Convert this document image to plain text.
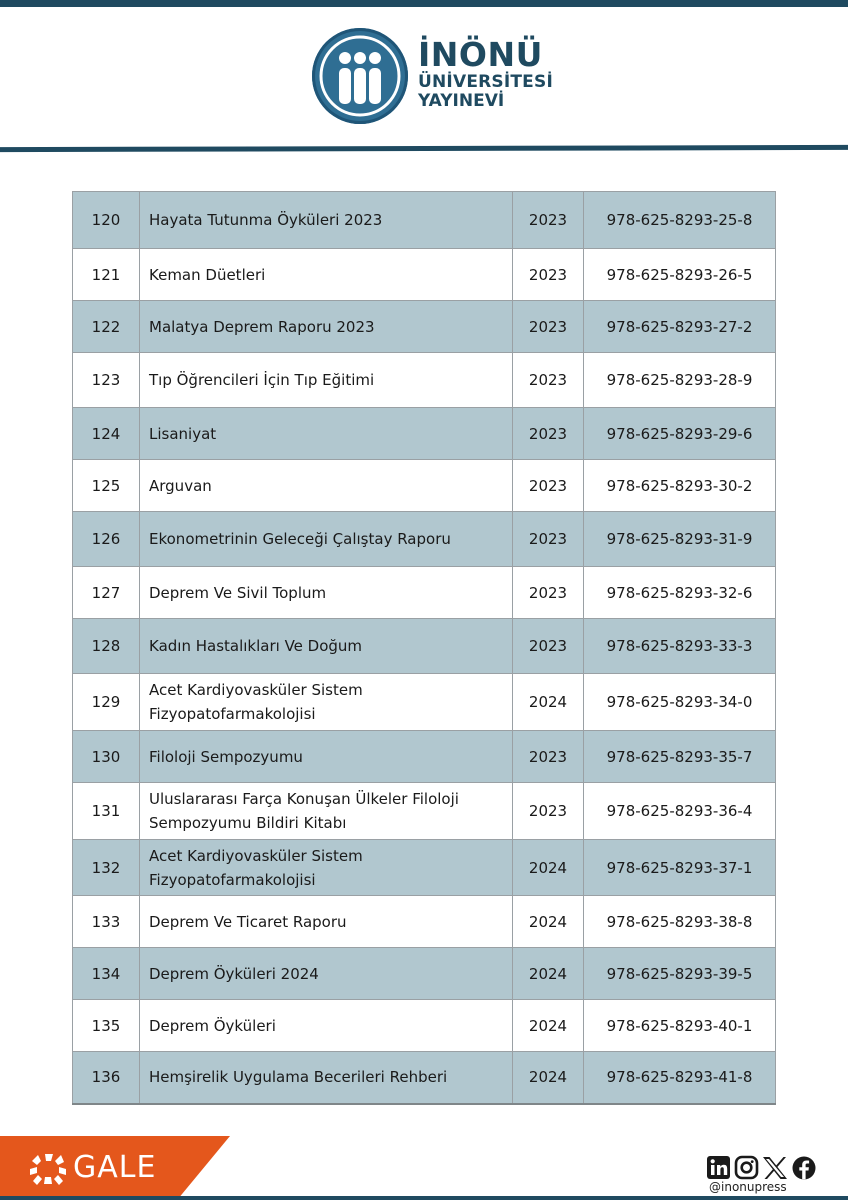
İNÖNÜ
ÜNİVERSİTESİ
YAYINEVİ
120	Hayata Tutunma Öyküleri 2023	2023	978-625-8293-25-8
121	Keman Düetleri	2023	978-625-8293-26-5
122	Malatya Deprem Raporu 2023	2023	978-625-8293-27-2
123	Tıp Öğrencileri İçin Tıp Eğitimi	2023	978-625-8293-28-9
124	Lisaniyat	2023	978-625-8293-29-6
125	Arguvan	2023	978-625-8293-30-2
126	Ekonometrinin Geleceği Çalıştay Raporu	2023	978-625-8293-31-9
127	Deprem Ve Sivil Toplum	2023	978-625-8293-32-6
128	Kadın Hastalıkları Ve Doğum	2023	978-625-8293-33-3
129	Acet Kardiyovasküler Sistem Fizyopatofarmakolojisi	2024	978-625-8293-34-0
130	Filoloji Sempozyumu	2023	978-625-8293-35-7
131	Uluslararası Farça Konuşan Ülkeler Filoloji Sempozyumu Bildiri Kitabı	2023	978-625-8293-36-4
132	Acet Kardiyovasküler Sistem Fizyopatofarmakolojisi	2024	978-625-8293-37-1
133	Deprem Ve Ticaret Raporu	2024	978-625-8293-38-8
134	Deprem Öyküleri 2024	2024	978-625-8293-39-5
135	Deprem Öyküleri	2024	978-625-8293-40-1
136	Hemşirelik Uygulama Becerileri Rehberi	2024	978-625-8293-41-8
GALE
@inonupress
